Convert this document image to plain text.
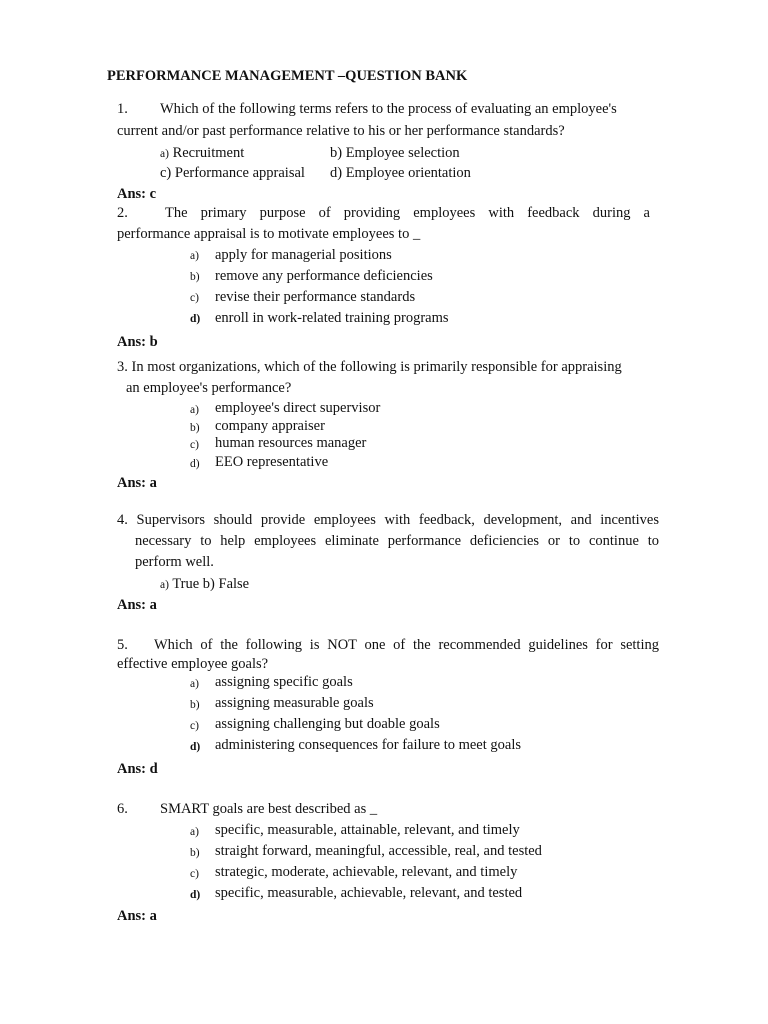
PERFORMANCE MANAGEMENT –QUESTION BANK
1. Which of the following terms refers to the process of evaluating an employee's
current and/or past performance relative to his or her performance standards?
a) Recruitment	b) Employee selection
c) Performance appraisal d) Employee orientation
Ans: c
2.	The primary purpose of providing employees with feedback during a
performance appraisal is to motivate employees to _
a) apply for managerial positions
b) remove any performance deficiencies
c) revise their performance standards
d) enroll in work-related training programs
Ans: b
3. In most organizations, which of the following is primarily responsible for appraising
an employee's performance?
a) employee's direct supervisor
b) company appraiser
c) human resources manager
d) EEO representative
Ans: a
4. Supervisors should provide employees with feedback, development, and incentives
necessary to help employees eliminate performance deficiencies or to continue to
perform well.
a) True b) False
Ans: a
5. Which of the following is NOT one of the recommended guidelines for setting
effective employee goals?
a) assigning specific goals
b) assigning measurable goals
c) assigning challenging but doable goals
d) administering consequences for failure to meet goals
Ans: d
6. SMART goals are best described as _
a) specific, measurable, attainable, relevant, and timely
b) straight forward, meaningful, accessible, real, and tested
c) strategic, moderate, achievable, relevant, and timely
d) specific, measurable, achievable, relevant, and tested
Ans: a
